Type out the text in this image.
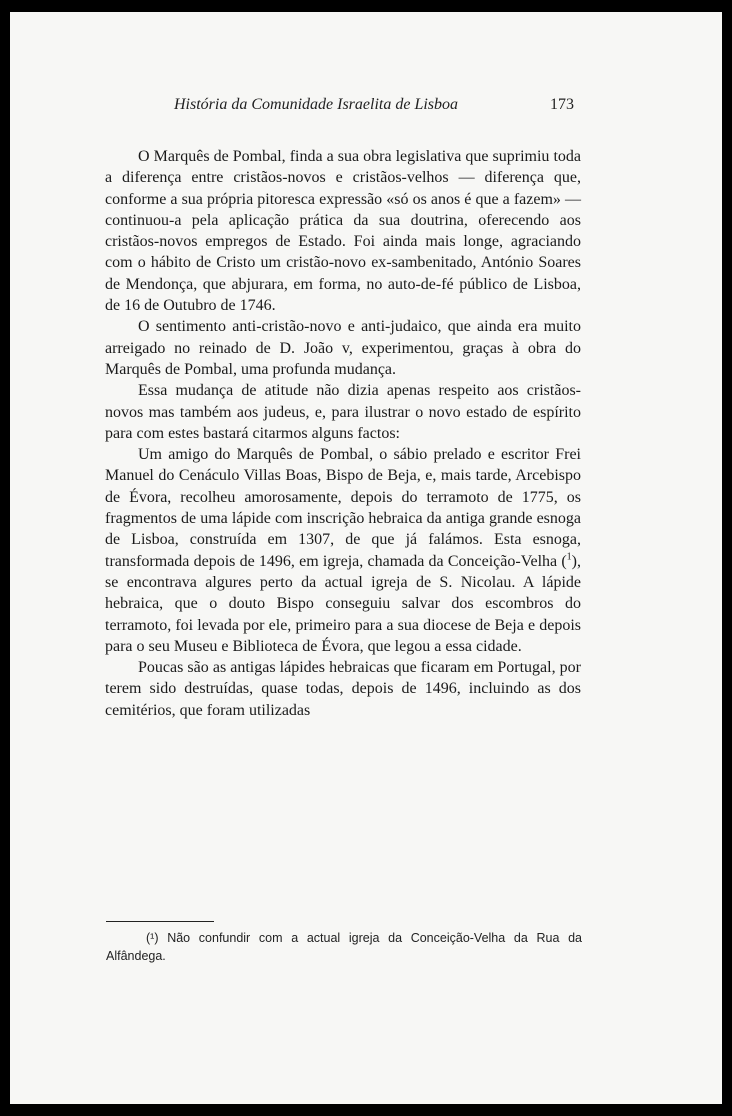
História da Comunidade Israelita de Lisboa	173

O Marquês de Pombal, finda a sua obra legislativa que suprimiu toda a diferença entre cristãos-novos e cristãos-velhos — diferença que, conforme a sua própria pitoresca expressão «só os anos é que a fazem» — continuou-a pela aplicação prática da sua doutrina, oferecendo aos cristãos-novos empregos de Estado. Foi ainda mais longe, agraciando com o hábito de Cristo um cristão-novo ex-sambenitado, António Soares de Mendonça, que abjurara, em forma, no auto-de-fé público de Lisboa, de 16 de Outubro de 1746.

O sentimento anti-cristão-novo e anti-judaico, que ainda era muito arreigado no reinado de D. João v, experimentou, graças à obra do Marquês de Pombal, uma profunda mudança.

Essa mudança de atitude não dizia apenas respeito aos cristãos-novos mas também aos judeus, e, para ilustrar o novo estado de espírito para com estes bastará citarmos alguns factos:

Um amigo do Marquês de Pombal, o sábio prelado e escritor Frei Manuel do Cenáculo Villas Boas, Bispo de Beja, e, mais tarde, Arcebispo de Évora, recolheu amorosamente, depois do terramoto de 1775, os fragmentos de uma lápide com inscrição hebraica da antiga grande esnoga de Lisboa, construída em 1307, de que já falámos. Esta esnoga, transformada depois de 1496, em igreja, chamada da Conceição-Velha ($^1$), se encontrava algures perto da actual igreja de S. Nicolau. A lápide hebraica, que o douto Bispo conseguiu salvar dos escombros do terramoto, foi levada por ele, primeiro para a sua diocese de Beja e depois para o seu Museu e Biblioteca de Évora, que legou a essa cidade.

Poucas são as antigas lápides hebraicas que ficaram em Portugal, por terem sido destruídas, quase todas, depois de 1496, incluindo as dos cemitérios, que foram utilizadas

(¹) Não confundir com a actual igreja da Conceição-Velha da Rua da Alfândega.
